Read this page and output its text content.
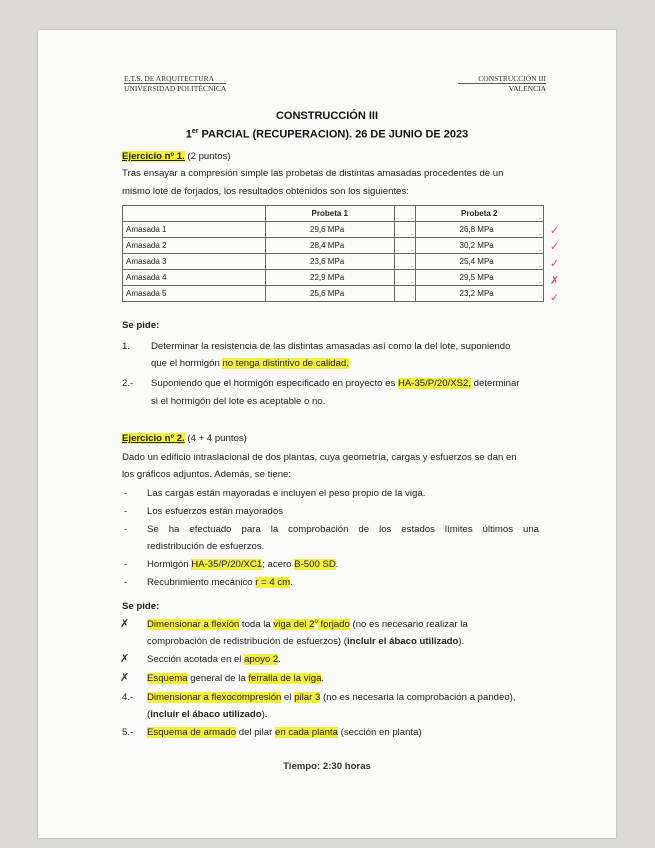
E.T.S. DE ARQUITECTURA
UNIVERSIDAD POLITÉCNICA
CONSTRUCCIÓN III
VALENCIA
CONSTRUCCIÓN III
1er PARCIAL (RECUPERACION). 26 DE JUNIO DE 2023
Ejercicio nº 1. (2 puntos)
Tras ensayar a compresión simple las probetas de distintas amasadas procedentes de un
mismo lote de forjados, los resultados obtenidos son los siguientes:
	Probeta 1		Probeta 2
Amasada 1	29,6 MPa		26,8 MPa
Amasada 2	28,4 MPa		30,2 MPa
Amasada 3	23,6 MPa		25,4 MPa
Amasada 4	22,9 MPa		29,5 MPa
Amasada 5	25,6 MPa		23,2 MPa
✓
✓
✓
✗
✓
Se pide:
1. Determinar la resistencia de las distintas amasadas así como la del lote, suponiendo
que el hormigón no tenga distintivo de calidad.
2.- Suponiendo que el hormigón especificado en proyecto es HA-35/P/20/XS2, determinar
si el hormigón del lote es aceptable o no.
Ejercicio nº 2. (4 + 4 puntos)
Dado un edificio intraslacional de dos plantas, cuya geometría, cargas y esfuerzos se dan en
los gráficos adjuntos. Además, se tiene:
- Las cargas están mayoradas e incluyen el peso propio de la viga.
- Los esfuerzos están mayorados
- Se ha efectuado para la comprobación de los estados límites últimos una
redistribución de esfuerzos.
- Hormigón HA-35/P/20/XC1; acero B-500 SD.
- Recubrimiento mecánico r = 4 cm.
Se pide:
✗ Dimensionar a flexión toda la viga del 2$^o$ forjado (no es necesario realizar la
comprobación de redistribución de esfuerzos) (incluir el ábaco utilizado).
✗ Sección acotada en el apoyo 2.
✗ Esquema general de la ferralla de la viga.
4.- Dimensionar a flexocompresión el pilar 3 (no es necesaria la comprobación a pandeo),
(incluir el ábaco utilizado).
5.- Esquema de armado del pilar en cada planta (sección en planta)
Tiempo: 2:30 horas
